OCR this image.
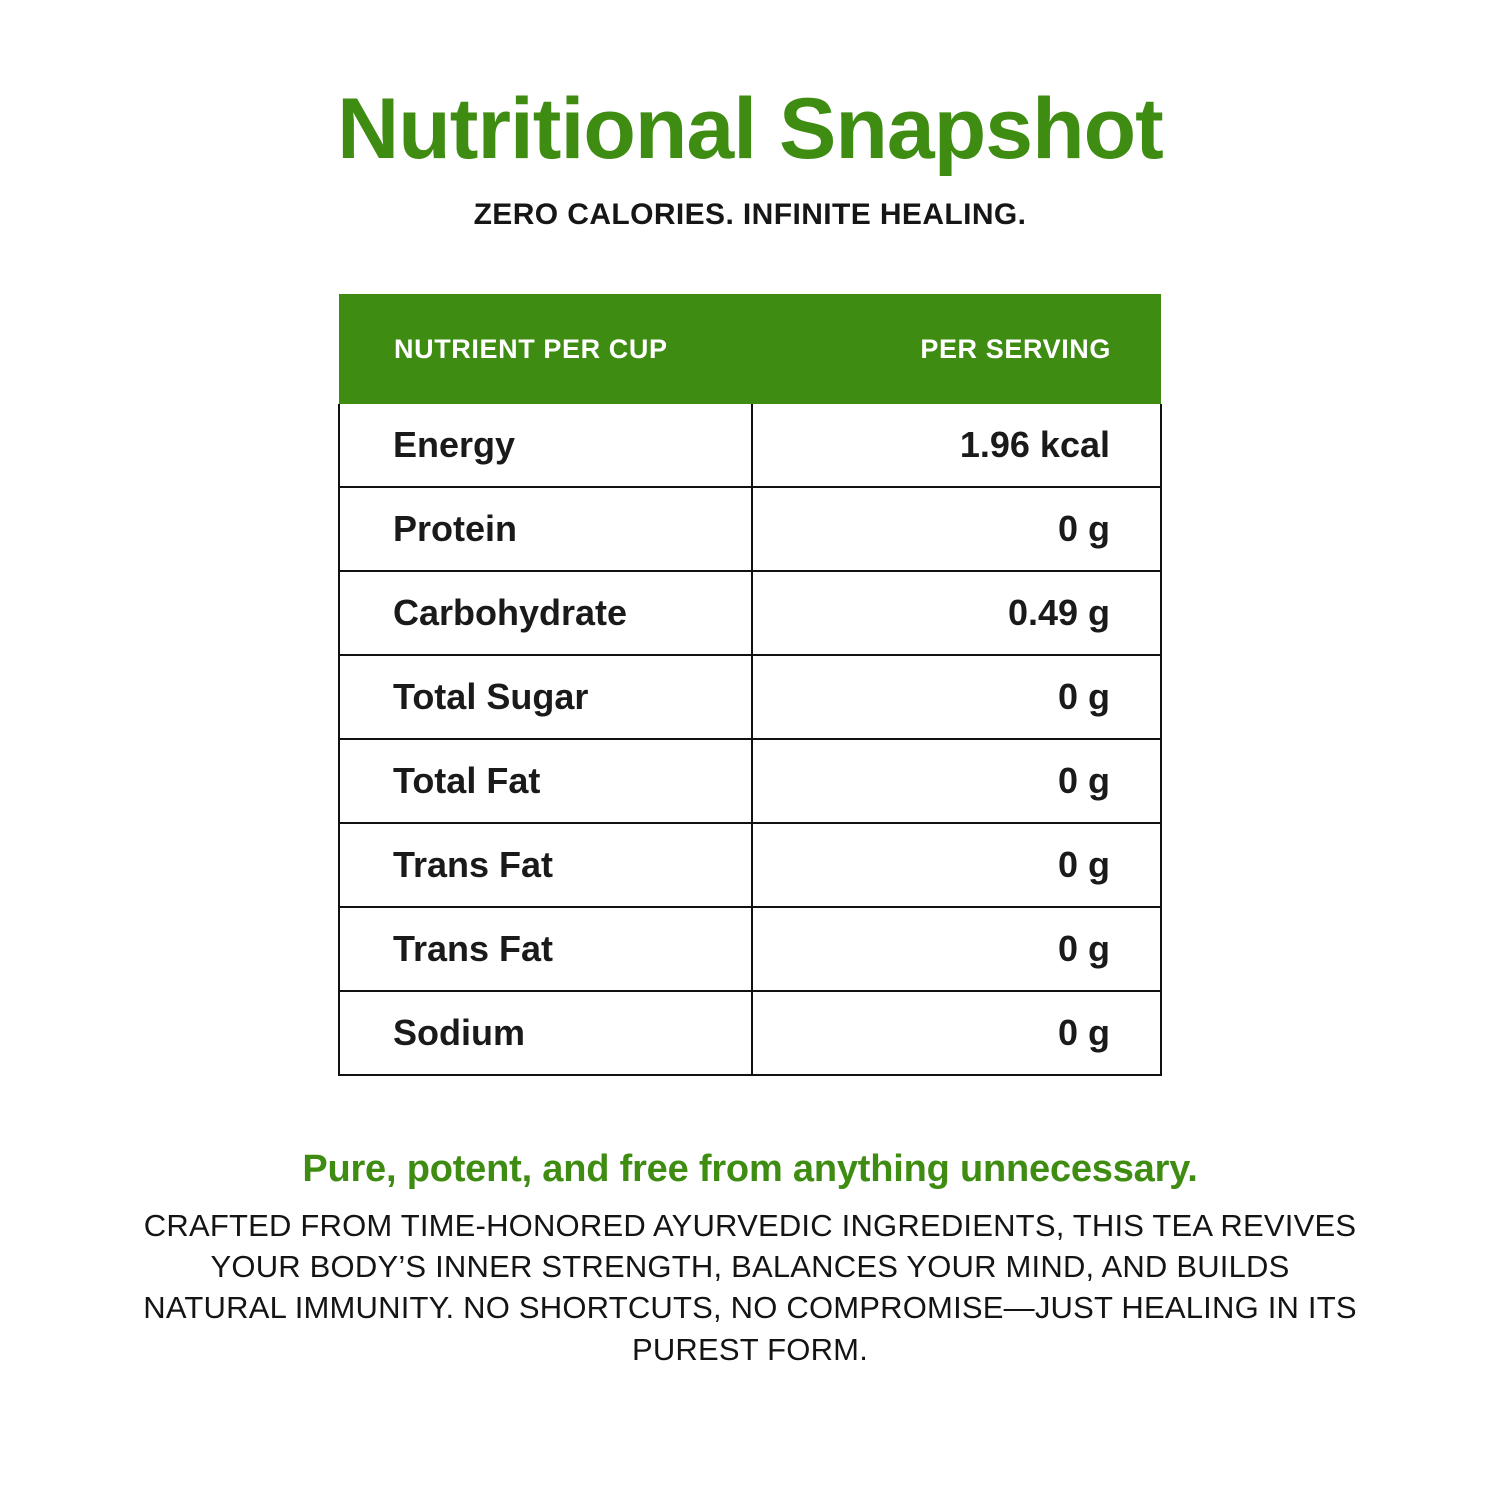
Nutritional Snapshot
ZERO CALORIES. INFINITE HEALING.
NUTRIENT PER CUP	PER SERVING
Energy	1.96 kcal
Protein	0 g
Carbohydrate	0.49 g
Total Sugar	0 g
Total Fat	0 g
Trans Fat	0 g
Trans Fat	0 g
Sodium	0 g
Pure, potent, and free from anything unnecessary.
CRAFTED FROM TIME-HONORED AYURVEDIC INGREDIENTS, THIS TEA REVIVES YOUR BODY’S INNER STRENGTH, BALANCES YOUR MIND, AND BUILDS NATURAL IMMUNITY. NO SHORTCUTS, NO COMPROMISE—JUST HEALING IN ITS PUREST FORM.
